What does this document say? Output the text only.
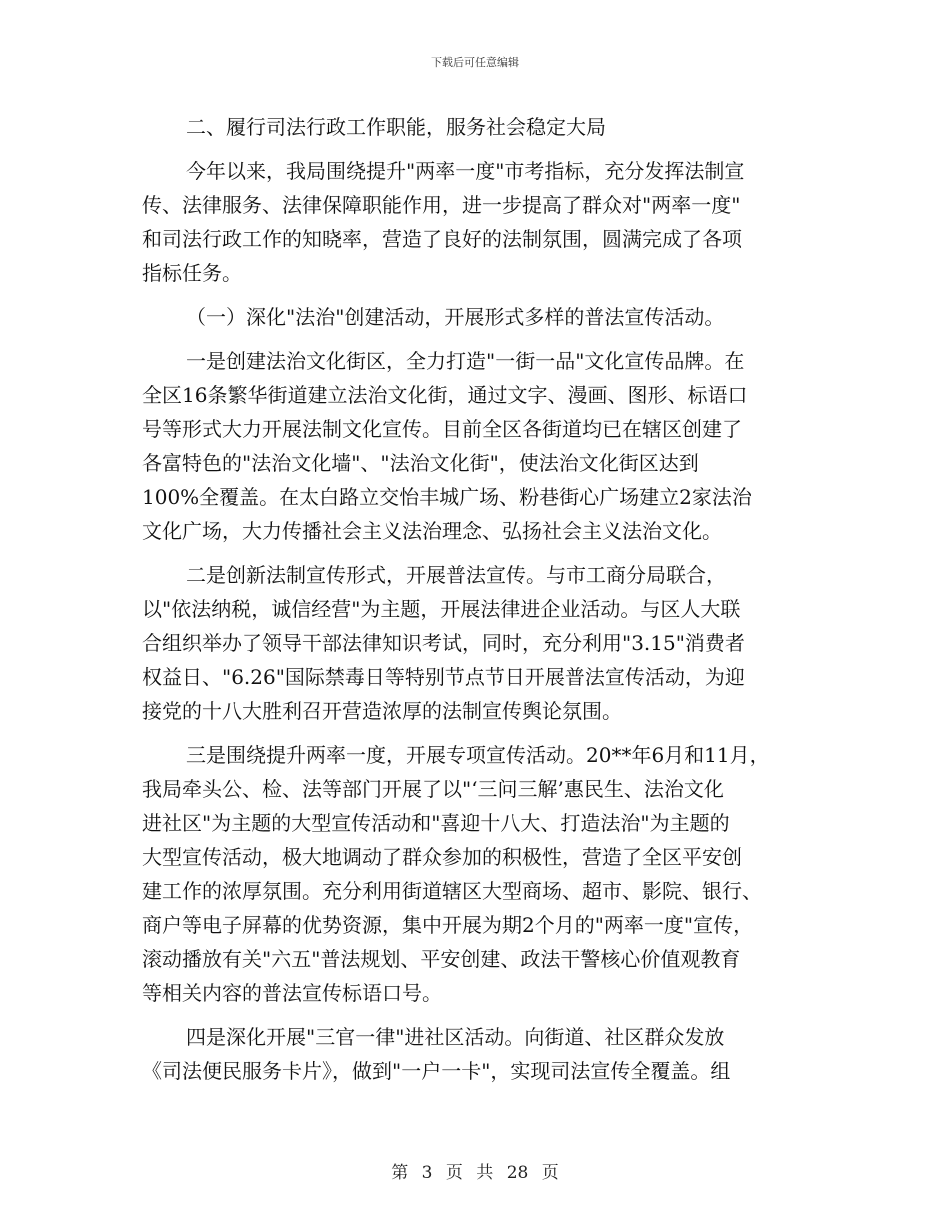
下载后可任意编辑
二、履行司法行政工作职能，服务社会稳定大局
今年以来，我局围绕提升"两率一度"市考指标，充分发挥法制宣
传、法律服务、法律保障职能作用，进一步提高了群众对"两率一度"
和司法行政工作的知晓率，营造了良好的法制氛围，圆满完成了各项
指标任务。
（一）深化"法治"创建活动，开展形式多样的普法宣传活动。
一是创建法治文化街区，全力打造"一街一品"文化宣传品牌。在
全区16条繁华街道建立法治文化街，通过文字、漫画、图形、标语口
号等形式大力开展法制文化宣传。目前全区各街道均已在辖区创建了
各富特色的"法治文化墙"、"法治文化街"，使法治文化街区达到
100%全覆盖。在太白路立交怡丰城广场、粉巷街心广场建立2家法治
文化广场，大力传播社会主义法治理念、弘扬社会主义法治文化。
二是创新法制宣传形式，开展普法宣传。与市工商分局联合，
以"依法纳税，诚信经营"为主题，开展法律进企业活动。与区人大联
合组织举办了领导干部法律知识考试，同时，充分利用"3.15"消费者
权益日、"6.26"国际禁毒日等特别节点节日开展普法宣传活动，为迎
接党的十八大胜利召开营造浓厚的法制宣传舆论氛围。
三是围绕提升两率一度，开展专项宣传活动。20**年6月和11月，
我局牵头公、检、法等部门开展了以"‘三问三解’惠民生、法治文化
进社区"为主题的大型宣传活动和"喜迎十八大、打造法治"为主题的
大型宣传活动，极大地调动了群众参加的积极性，营造了全区平安创
建工作的浓厚氛围。充分利用街道辖区大型商场、超市、影院、银行、
商户等电子屏幕的优势资源，集中开展为期2个月的"两率一度"宣传，
滚动播放有关"六五"普法规划、平安创建、政法干警核心价值观教育
等相关内容的普法宣传标语口号。
四是深化开展"三官一律"进社区活动。向街道、社区群众发放
《司法便民服务卡片》，做到"一户一卡"，实现司法宣传全覆盖。组
第 3 页 共 28 页
